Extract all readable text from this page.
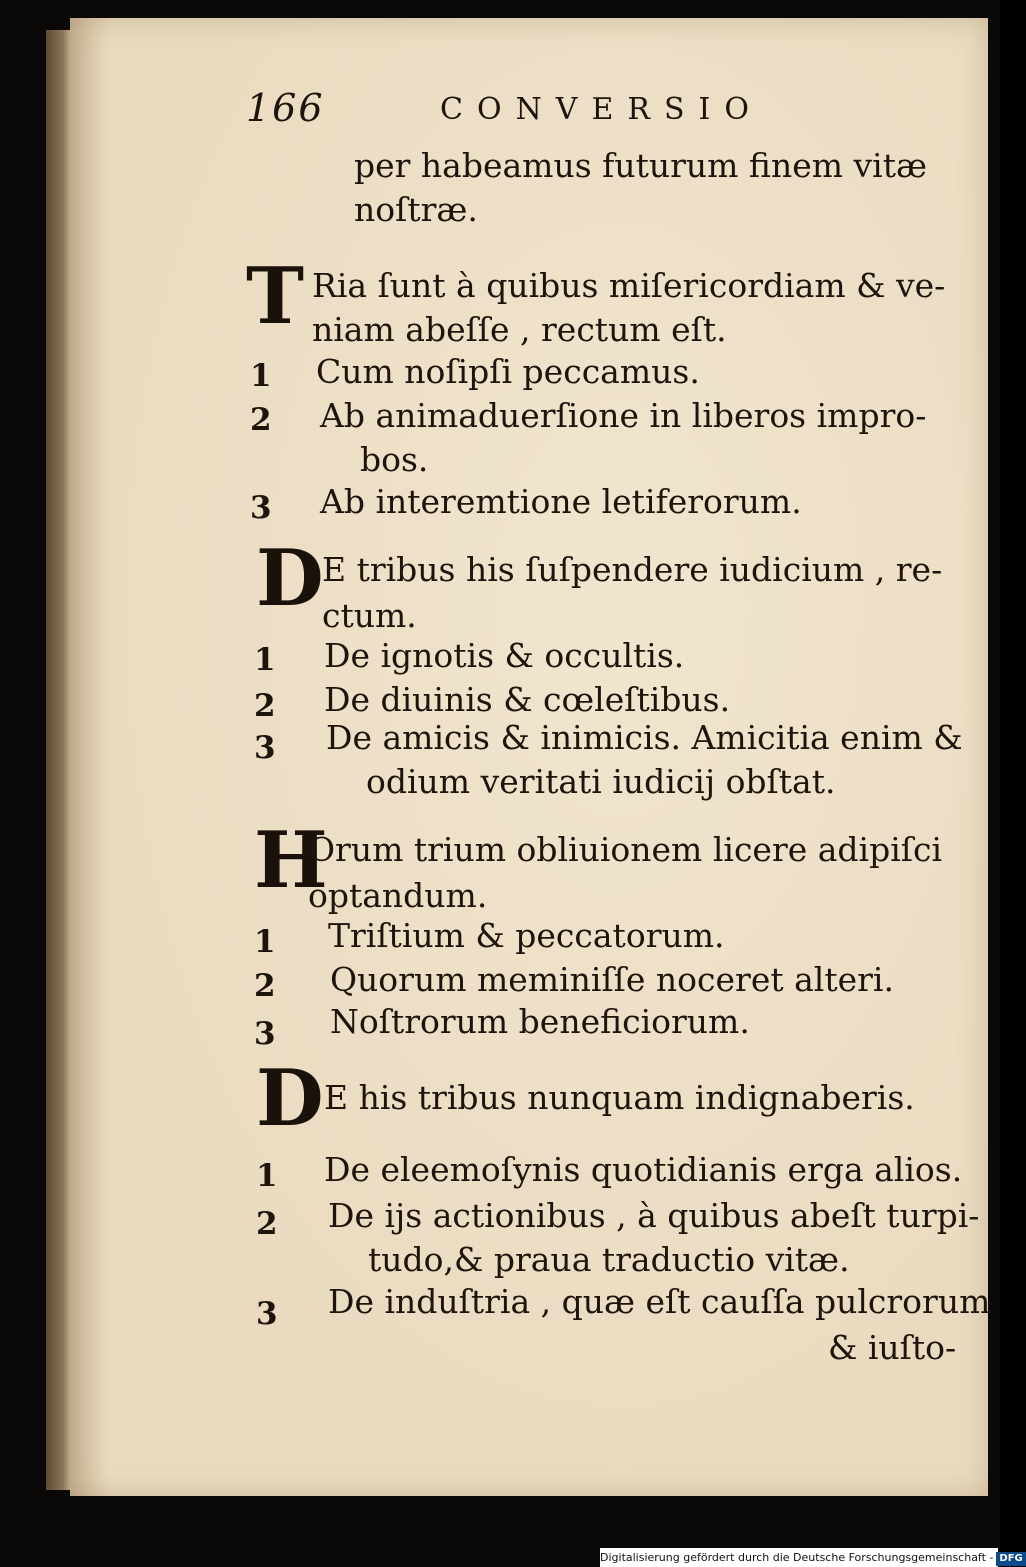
166	CONVERSIO
per habeamus futurum finem vitæ
noſtræ.
T Ria ſunt à quibus miſericordiam & ve-
niam abeſſe , rectum eſt.
1 Cum noſipſi peccamus.
2 Ab animaduerſione in liberos impro-
bos.
3 Ab interemtione letiferorum.
D
E tribus his ſuſpendere iudicium , re-
ctum.
1 De ignotis & occultis.
2 De diuinis & cœleſtibus.
3 De amicis & inimicis. Amicitia enim &
odium veritati iudicij obſtat.
H
Orum trium obliuionem licere adipiſci
optandum.
1 Triſtium & peccatorum.
2 Quorum meminiſſe noceret alteri.
3 Noſtrorum beneficiorum.
D E his tribus nunquam indignaberis.
1 De eleemoſynis quotidianis erga alios.
2 De ijs actionibus , à quibus abeſt turpi-
tudo,& praua traductio vitæ.
3 De induſtria , quæ eſt cauſſa pulcrorum
& iuſto-
Digitalisierung gefördert durch die Deutsche Forschungsgemeinschaft - DFG
